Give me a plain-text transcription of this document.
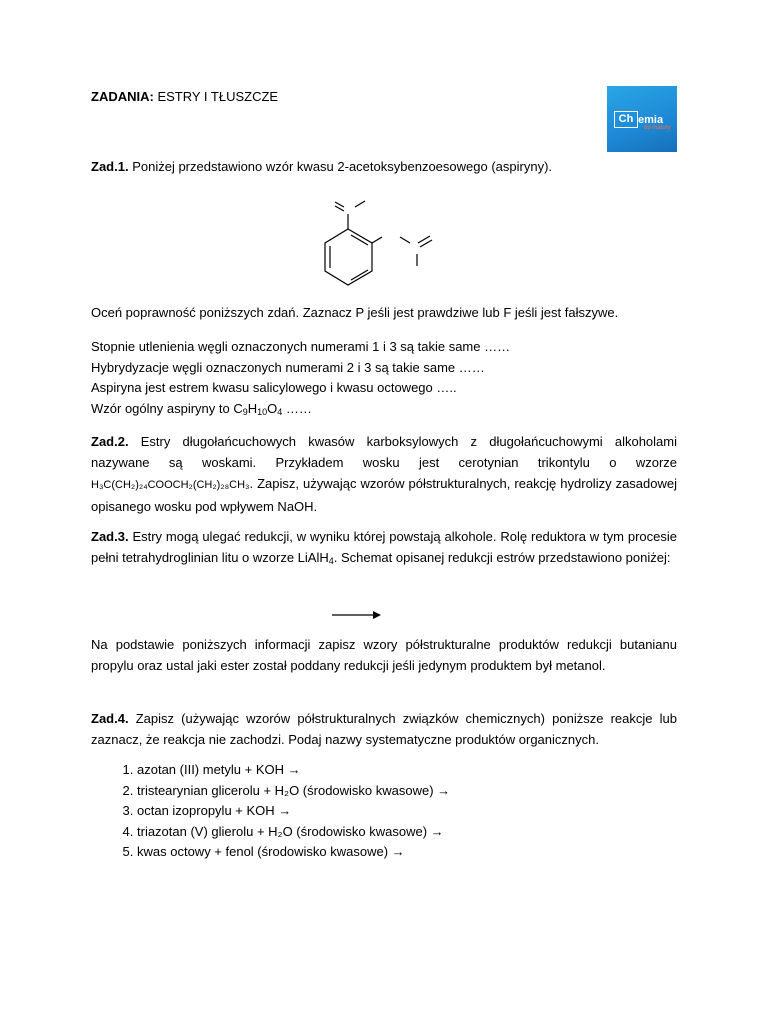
ZADANIA: ESTRY I TŁUSZCZE
Zad.1. Poniżej przedstawiono wzór kwasu 2-acetoksybenzoesowego (aspiryny).
Oceń poprawność poniższych zdań. Zaznacz P jeśli jest prawdziwe lub F jeśli jest fałszywe.
Stopnie utlenienia węgli oznaczonych numerami 1 i 3 są takie same ……
Hybrydyzacje węgli oznaczonych numerami 2 i 3 są takie same ……
Aspiryna jest estrem kwasu salicylowego i kwasu octowego …..
Wzór ogólny aspiryny to $C_9H_{10}O_4$ ……
Zad.2. Estry długołańcuchowych kwasów karboksylowych z długołańcuchowymi alkoholami nazywane są woskami. Przykładem wosku jest cerotynian trikontylu o wzorze H₃C(CH₂)₂₄COOCH₂(CH₂)₂₈CH₃. Zapisz, używając wzorów półstrukturalnych, reakcję hydrolizy zasadowej opisanego wosku pod wpływem NaOH.
Zad.3. Estry mogą ulegać redukcji, w wyniku której powstają alkohole. Rolę reduktora w tym procesie pełni tetrahydroglinian litu o wzorze LiAlH$_4$. Schemat opisanej redukcji estrów przedstawiono poniżej:
Na podstawie poniższych informacji zapisz wzory półstrukturalne produktów redukcji butanianu propylu oraz ustal jaki ester został poddany redukcji jeśli jedynym produktem był metanol.
Zad.4. Zapisz (używając wzorów półstrukturalnych związków chemicznych) poniższe reakcje lub zaznacz, że reakcja nie zachodzi. Podaj nazwy systematyczne produktów organicznych.
1. azotan (III) metylu + KOH →
2. tristearynian glicerolu + H₂O (środowisko kwasowe) →
3. octan izopropylu + KOH →
4. triazotan (V) glierolu + H₂O (środowisko kwasowe) →
5. kwas octowy + fenol (środowisko kwasowe) →
Ch emia
do matury
